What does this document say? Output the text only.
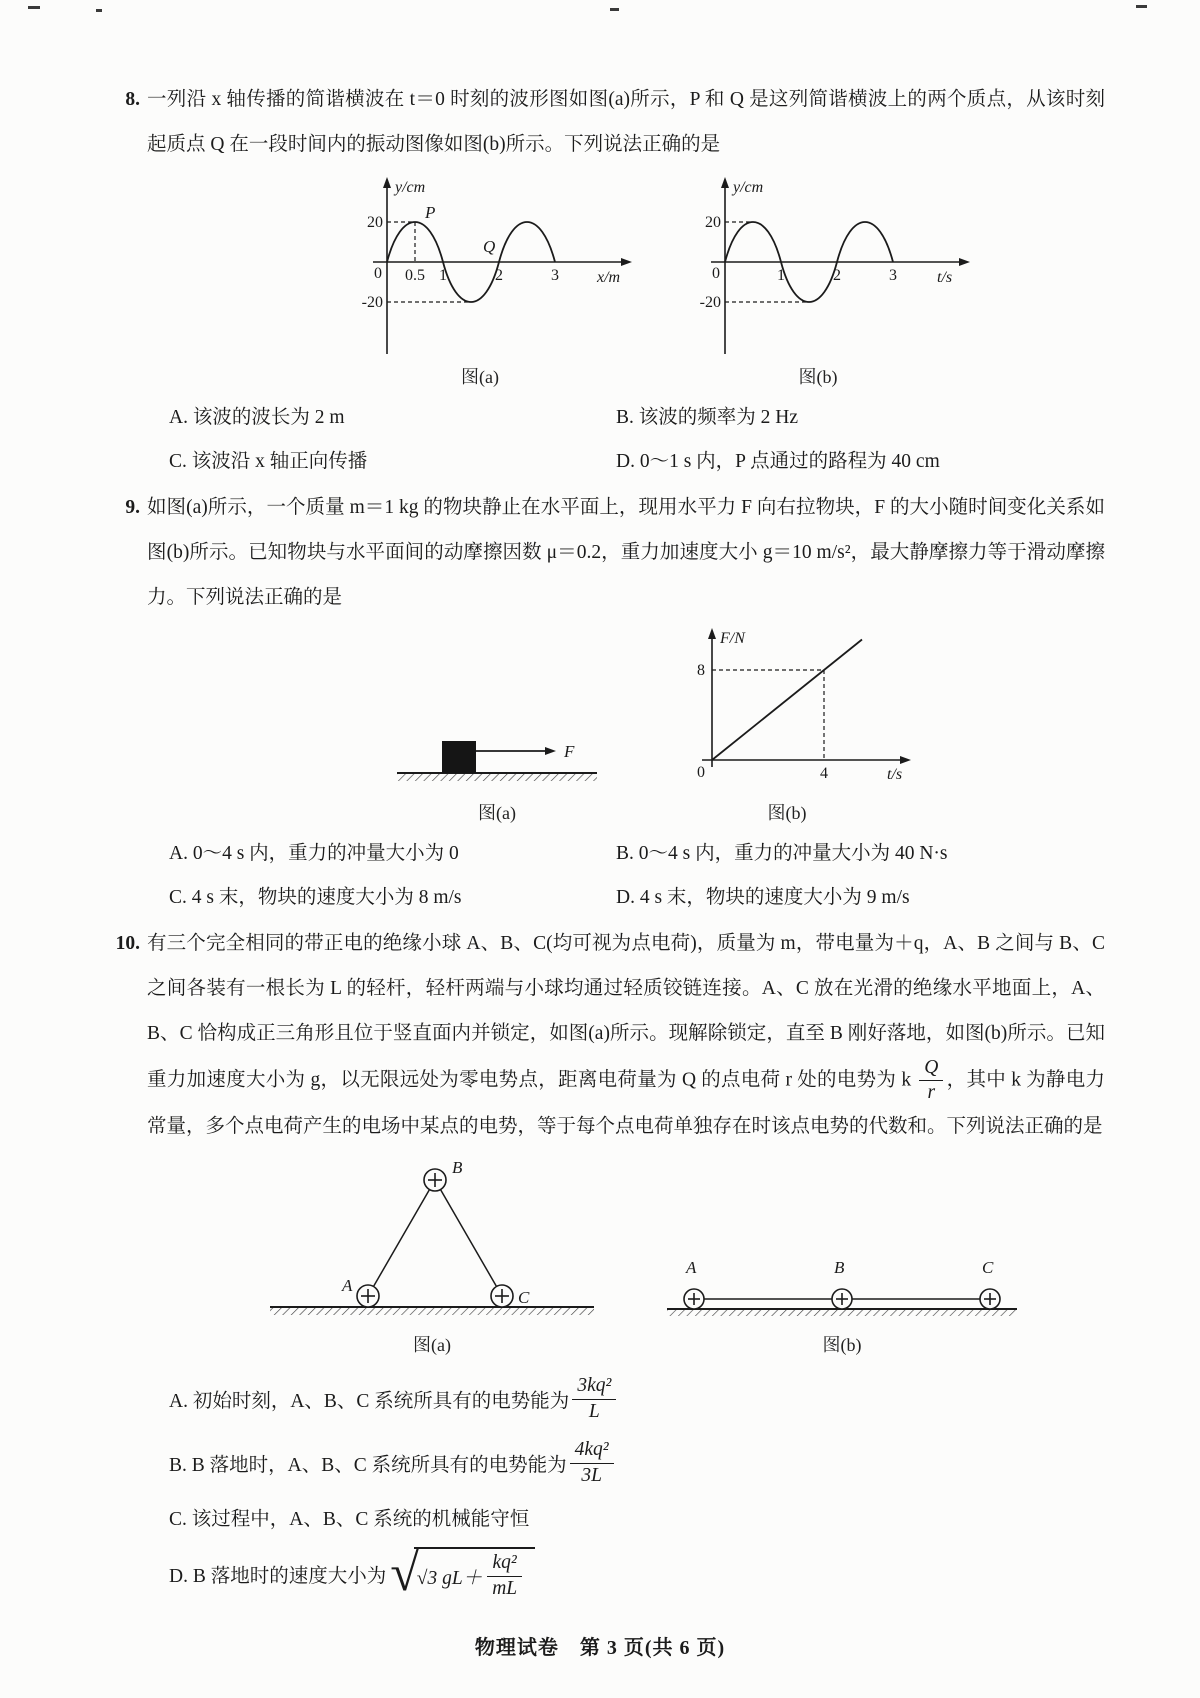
8. 一列沿 x 轴传播的简谐横波在 t＝0 时刻的波形图如图(a)所示，P 和 Q 是这列简谐横波上的两个质点，从该时刻起质点 Q 在一段时间内的振动图像如图(b)所示。下列说法正确的是
y/cm
x/m
20
0
-20
0.5 1	2	3
P
Q
图(a)
y/cm
t/s
20
0
-20
1	2	3
图(b)
A. 该波的波长为 2 m	B. 该波的频率为 2 Hz
C. 该波沿 x 轴正向传播	D. 0～1 s 内，P 点通过的路程为 40 cm
9. 如图(a)所示，一个质量 m＝1 kg 的物块静止在水平面上，现用水平力 F 向右拉物块，F 的大小随时间变化关系如图(b)所示。已知物块与水平面间的动摩擦因数 μ＝0.2，重力加速度大小 g＝10 m/s²，最大静摩擦力等于滑动摩擦力。下列说法正确的是
F
图(a)
F/N
t/s
8
0	4
图(b)
A. 0～4 s 内，重力的冲量大小为 0	B. 0～4 s 内，重力的冲量大小为 40 N·s
C. 4 s 末，物块的速度大小为 8 m/s	D. 4 s 末，物块的速度大小为 9 m/s
10. 有三个完全相同的带正电的绝缘小球 A、B、C(均可视为点电荷)，质量为 m，带电量为＋q，A、B 之间与 B、C 之间各装有一根长为 L 的轻杆，轻杆两端与小球均通过轻质铰链连接。A、C 放在光滑的绝缘水平地面上，A、B、C 恰构成正三角形且位于竖直面内并锁定，如图(a)所示。现解除锁定，直至 B 刚好落地，如图(b)所示。已知重力加速度大小为 g，以无限远处为零电势点，距离电荷量为 Q 的点电荷 r 处的电势为 k $\frac{Q}{r}$ ，其中 k 为静电力常量，多个点电荷产生的电场中某点的电势，等于每个点电荷单独存在时该点电势的代数和。下列说法正确的是
B
A
C
图(a)
A	B	C
图(b)
A. 初始时刻，A、B、C 系统所具有的电势能为 $\frac{\text{3kq²}}{L}$
B. B 落地时，A、B、C 系统所具有的电势能为 $\frac{\text{4kq²}}{3L}$
C. 该过程中，A、B、C 系统的机械能守恒
D. B 落地时的速度大小为 √
√3 $gL+ \frac{\text{kq²}}{mL}$
物理试卷　第 3 页(共 6 页)
